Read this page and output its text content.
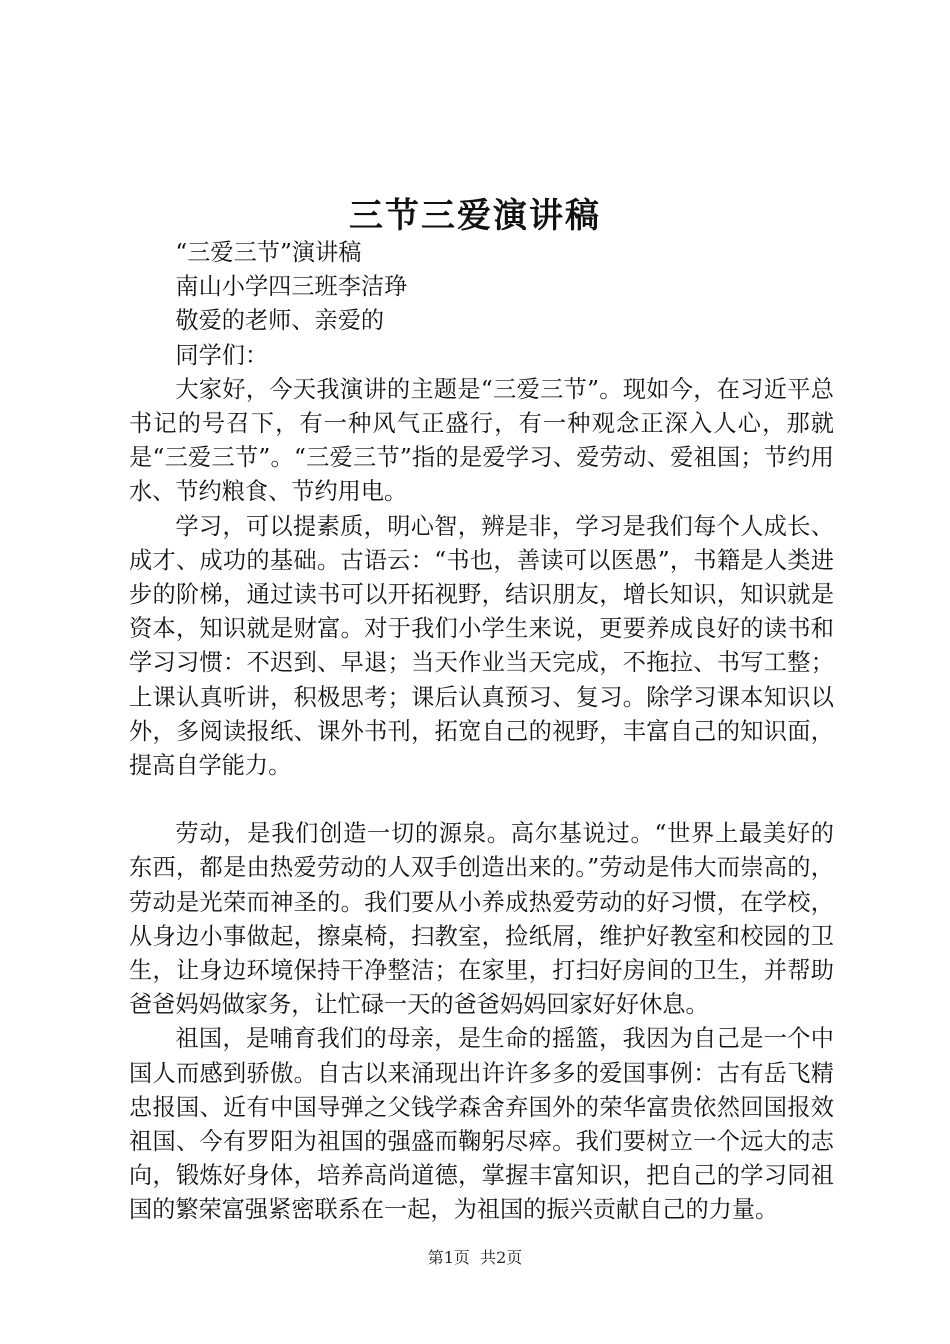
三节三爱演讲稿

“三爱三节”演讲稿

南山小学四三班李洁琤

敬爱的老师、亲爱的

同学们：

大家好，今天我演讲的主题是“三爱三节”。现如今，在习近平总书记的号召下，有一种风气正盛行，有一种观念正深入人心，那就是“三爱三节”。“三爱三节”指的是爱学习、爱劳动、爱祖国；节约用水、节约粮食、节约用电。

学习，可以提素质，明心智，辨是非，学习是我们每个人成长、成才、成功的基础。古语云：“书也，善读可以医愚”，书籍是人类进步的阶梯，通过读书可以开拓视野，结识朋友，增长知识，知识就是资本，知识就是财富。对于我们小学生来说，更要养成良好的读书和学习习惯：不迟到、早退；当天作业当天完成，不拖拉、书写工整；上课认真听讲，积极思考；课后认真预习、复习。除学习课本知识以外，多阅读报纸、课外书刊，拓宽自己的视野，丰富自己的知识面，提高自学能力。

劳动，是我们创造一切的源泉。高尔基说过。“世界上最美好的东西，都是由热爱劳动的人双手创造出来的。”劳动是伟大而崇高的，劳动是光荣而神圣的。我们要从小养成热爱劳动的好习惯，在学校，从身边小事做起，擦桌椅，扫教室，捡纸屑，维护好教室和校园的卫生，让身边环境保持干净整洁；在家里，打扫好房间的卫生，并帮助爸爸妈妈做家务，让忙碌一天的爸爸妈妈回家好好休息。

祖国，是哺育我们的母亲，是生命的摇篮，我因为自己是一个中国人而感到骄傲。自古以来涌现出许许多多的爱国事例：古有岳飞精忠报国、近有中国导弹之父钱学森舍弃国外的荣华富贵依然回国报效祖国、今有罗阳为祖国的强盛而鞠躬尽瘁。我们要树立一个远大的志向，锻炼好身体，培养高尚道德，掌握丰富知识，把自己的学习同祖国的繁荣富强紧密联系在一起，为祖国的振兴贡献自己的力量。

第1页  共2页
